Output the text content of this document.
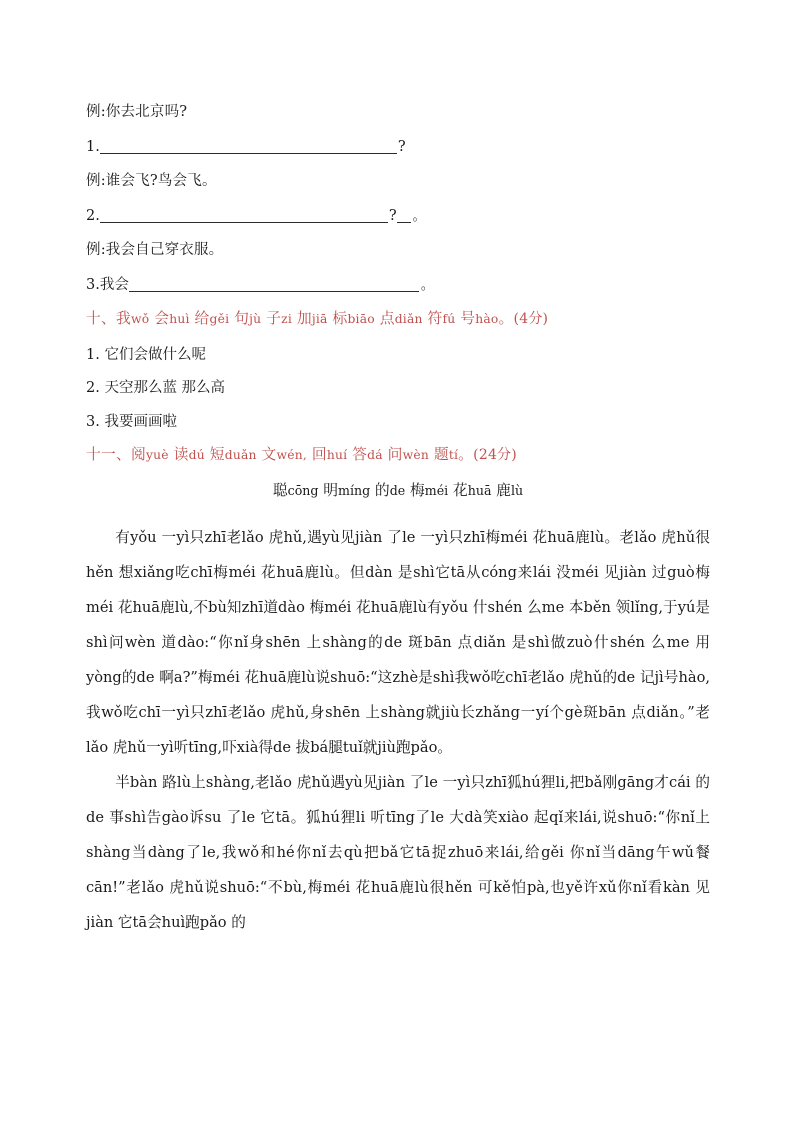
例:你去北京吗?
1.	?
例:谁会飞?鸟会飞。
2.	? 。
例:我会自己穿衣服。
3. 我会	。
十、我wǒ 会huì 给gěi 句jù 子zi 加jiā 标biāo 点diǎn 符fú 号hào。(4分)
1. 它们会做什么呢
2. 天空那么蓝 那么高
3. 我要画画啦
十一、阅yuè 读dú 短duǎn 文wén, 回huí 答dá 问wèn 题tí。(24分)
聪cōng 明míng 的de 梅méi 花huā 鹿lù

有yǒu 一yì只zhī老lǎo 虎hǔ,遇yù见jiàn 了le 一yì只zhī梅méi 花huā鹿lù。老lǎo 虎hǔ很hěn 想xiǎng吃chī梅méi 花huā鹿lù。但dàn 是shì它tā从cóng来lái 没méi 见jiàn 过guò梅méi 花huā鹿lù,不bù知zhī道dào 梅méi 花huā鹿lù有yǒu 什shén 么me 本běn 领lǐng,于yú是shì问wèn 道dào:“你nǐ身shēn 上shàng的de 斑bān 点diǎn 是shì做zuò什shén 么me 用yòng的de 啊a?”梅méi 花huā鹿lù说shuō:“这zhè是shì我wǒ吃chī老lǎo 虎hǔ的de 记jì号hào,我wǒ吃chī一yì只zhī老lǎo 虎hǔ,身shēn 上shàng就jiù长zhǎng一yí个gè斑bān 点diǎn。”老lǎo 虎hǔ一yì听tīng,吓xià得de 拔bá腿tuǐ就jiù跑pǎo。

半bàn 路lù上shàng,老lǎo 虎hǔ遇yù见jiàn 了le 一yì只zhī狐hú狸li,把bǎ刚gāng才cái 的de 事shì告gào诉su 了le 它tā。狐hú狸li 听tīng了le 大dà笑xiào 起qǐ来lái,说shuō:“你nǐ上shàng当dàng了le,我wǒ和hé你nǐ去qù把bǎ它tā捉zhuō来lái,给gěi 你nǐ当dāng午wǔ餐cān!”老lǎo 虎hǔ说shuō:“不bù,梅méi 花huā鹿lù很hěn 可kě怕pà,也yě许xǔ你nǐ看kàn 见jiàn 它tā会huì跑pǎo 的
